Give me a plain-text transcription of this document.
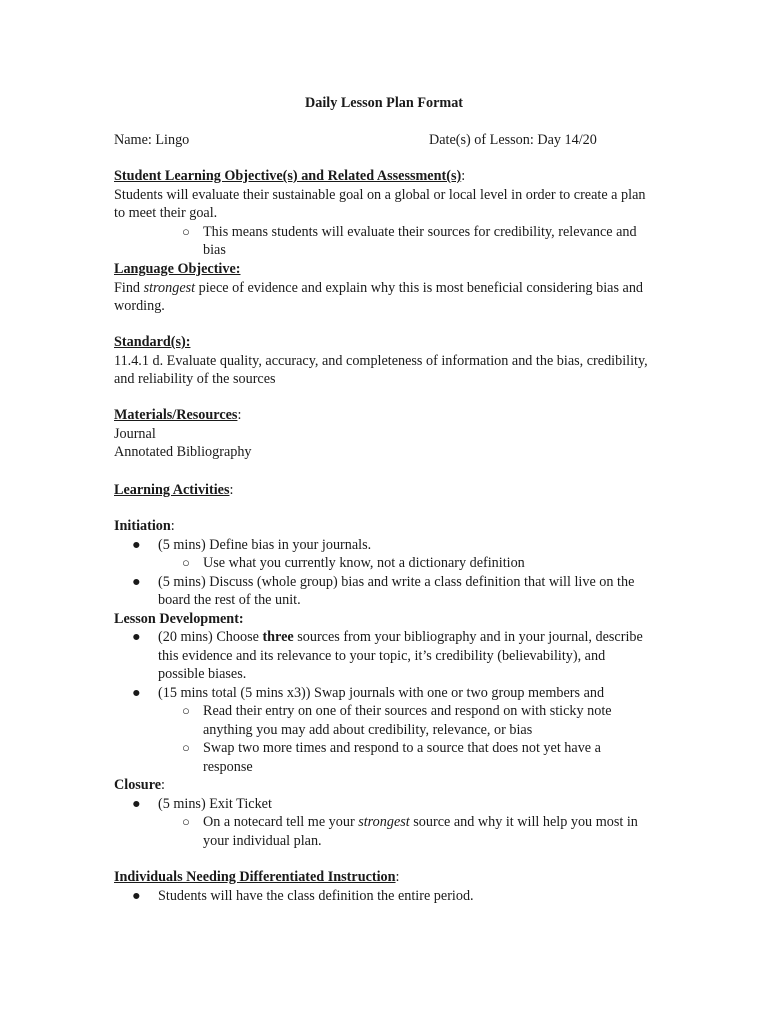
Daily Lesson Plan Format
Name: Lingo	Date(s) of Lesson: Day 14/20

Student Learning Objective(s) and Related Assessment(s):

Students will evaluate their sustainable goal on a global or local level in order to create a plan to meet their goal.

○ This means students will evaluate their sources for credibility, relevance and bias

Language Objective:

Find strongest piece of evidence and explain why this is most beneficial considering bias and wording.

Standard(s):

11.4.1 d. Evaluate quality, accuracy, and completeness of information and the bias, credibility, and reliability of the sources

Materials/Resources:

Journal

Annotated Bibliography

Learning Activities:

Initiation:

● (5 mins) Define bias in your journals.
○ Use what you currently know, not a dictionary definition
● (5 mins) Discuss (whole group) bias and write a class definition that will live on the board the rest of the unit.

Lesson Development:

● (20 mins) Choose three sources from your bibliography and in your journal, describe this evidence and its relevance to your topic, it’s credibility (believability), and possible biases.
● (15 mins total (5 mins x3)) Swap journals with one or two group members and
○ Read their entry on one of their sources and respond on with sticky note anything you may add about credibility, relevance, or bias
○ Swap two more times and respond to a source that does not yet have a response

Closure:

● (5 mins) Exit Ticket
○ On a notecard tell me your strongest source and why it will help you most in your individual plan.

Individuals Needing Differentiated Instruction:

● Students will have the class definition the entire period.
